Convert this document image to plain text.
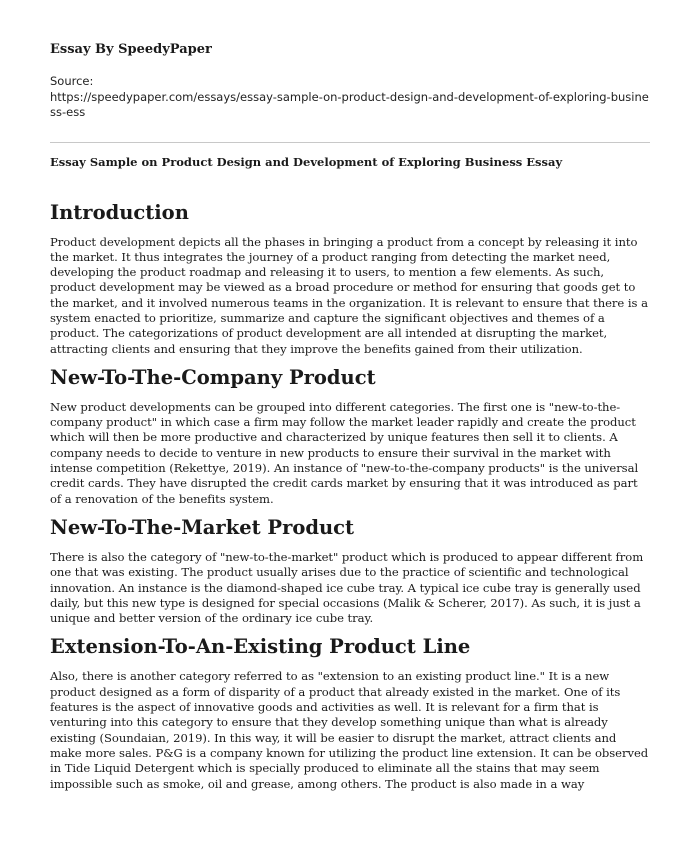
Essay By SpeedyPaper
Source:
https://speedypaper.com/essays/essay-sample-on-product-design-and-development-of-exploring-business-ess
Essay Sample on Product Design and Development of Exploring Business Essay
Introduction

Product development depicts all the phases in bringing a product from a concept by releasing it into the market. It thus integrates the journey of a product ranging from detecting the market need, developing the product roadmap and releasing it to users, to mention a few elements. As such, product development may be viewed as a broad procedure or method for ensuring that goods get to the market, and it involved numerous teams in the organization. It is relevant to ensure that there is a system enacted to prioritize, summarize and capture the significant objectives and themes of a product. The categorizations of product development are all intended at disrupting the market, attracting clients and ensuring that they improve the benefits gained from their utilization.

New-To-The-Company Product

New product developments can be grouped into different categories. The first one is "new-to-the-company product" in which case a firm may follow the market leader rapidly and create the product which will then be more productive and characterized by unique features then sell it to clients. A company needs to decide to venture in new products to ensure their survival in the market with intense competition (Rekettye, 2019). An instance of "new-to-the-company products" is the universal credit cards. They have disrupted the credit cards market by ensuring that it was introduced as part of a renovation of the benefits system.

New-To-The-Market Product

There is also the category of "new-to-the-market" product which is produced to appear different from one that was existing. The product usually arises due to the practice of scientific and technological innovation. An instance is the diamond-shaped ice cube tray. A typical ice cube tray is generally used daily, but this new type is designed for special occasions (Malik & Scherer, 2017). As such, it is just a unique and better version of the ordinary ice cube tray.

Extension-To-An-Existing Product Line

Also, there is another category referred to as "extension to an existing product line." It is a new product designed as a form of disparity of a product that already existed in the market. One of its features is the aspect of innovative goods and activities as well. It is relevant for a firm that is venturing into this category to ensure that they develop something unique than what is already existing (Soundaian, 2019). In this way, it will be easier to disrupt the market, attract clients and make more sales. P&G is a company known for utilizing the product line extension. It can be observed in Tide Liquid Detergent which is specially produced to eliminate all the stains that may seem impossible such as smoke, oil and grease, among others. The product is also made in a way
